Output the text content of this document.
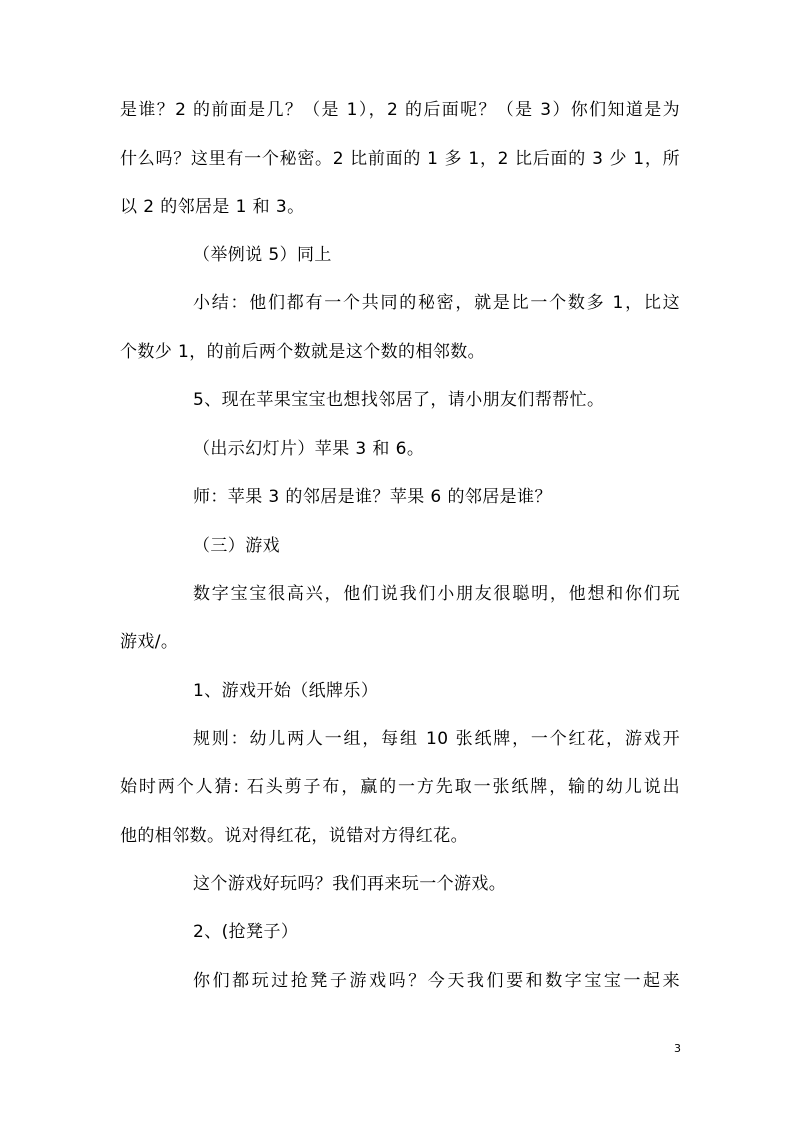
是谁？2 的前面是几？（是 1），2 的后面呢？（是 3）你们知道是为
什么吗？这里有一个秘密。2 比前面的 1 多 1，2 比后面的 3 少 1，所
以 2 的邻居是 1 和 3。
（举例说 5）同上
小结：他们都有一个共同的秘密，就是比一个数多 1，比这
个数少 1，的前后两个数就是这个数的相邻数。
5、现在苹果宝宝也想找邻居了，请小朋友们帮帮忙。
（出示幻灯片）苹果 3 和 6。
师：苹果 3 的邻居是谁？苹果 6 的邻居是谁？
（三）游戏
数字宝宝很高兴，他们说我们小朋友很聪明，他想和你们玩
游戏/。
1、游戏开始（纸牌乐）
规则：幼儿两人一组，每组 10 张纸牌，一个红花，游戏开
始时两个人猜: 石头剪子布，赢的一方先取一张纸牌，输的幼儿说出
他的相邻数。说对得红花，说错对方得红花。
这个游戏好玩吗？我们再来玩一个游戏。
2、(抢凳子）
你们都玩过抢凳子游戏吗？今天我们要和数字宝宝一起来
3
